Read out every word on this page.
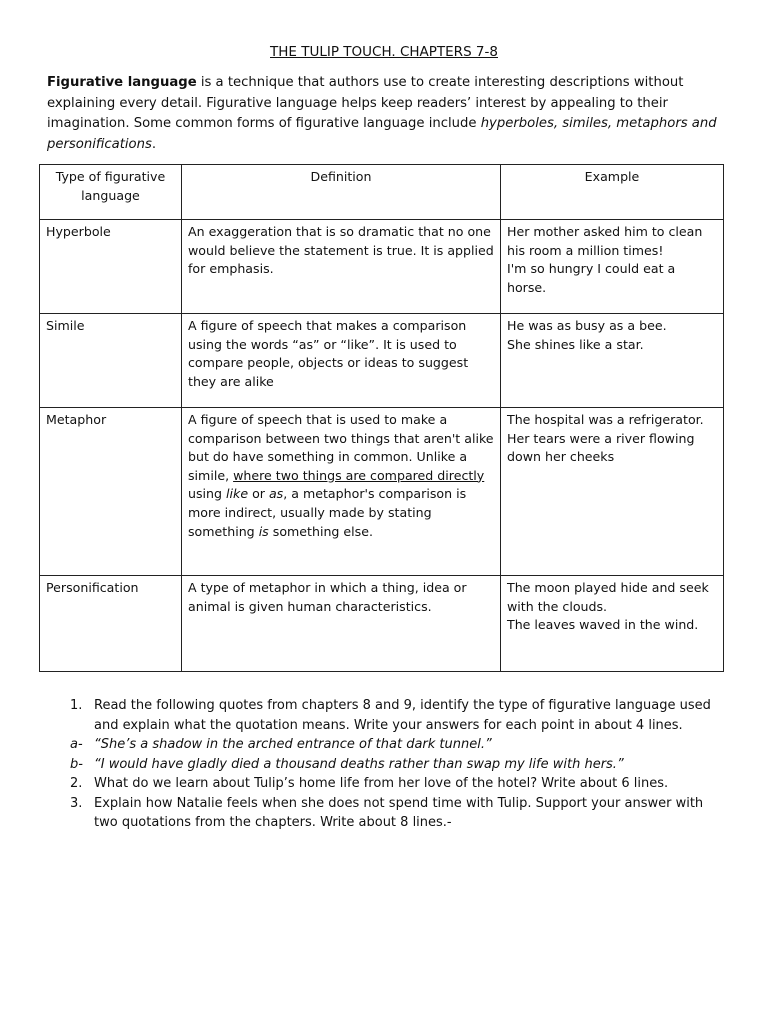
THE TULIP TOUCH. CHAPTERS 7-8
Figurative language is a technique that authors use to create interesting descriptions without explaining every detail. Figurative language helps keep readers’ interest by appealing to their imagination. Some common forms of figurative language include hyperboles, similes, metaphors and personifications.
Type of figurative language	Definition	Example
Hyperbole	An exaggeration that is so dramatic that no one would believe the statement is true. It is applied for emphasis.	Her mother asked him to clean his room a million times!
I'm so hungry I could eat a horse.

Simile	A figure of speech that makes a comparison using the words “as” or “like”. It is used to compare people, objects or ideas to suggest they are alike	He was as busy as a bee.
She shines like a star.

Metaphor	A figure of speech that is used to make a comparison between two things that aren't alike but do have something in common. Unlike a simile, where two things are compared directly using like or as, a metaphor's comparison is more indirect, usually made by stating something is something else.	The hospital was a refrigerator.
Her tears were a river flowing down her cheeks

Personification	A type of metaphor in which a thing, idea or animal is given human characteristics.	The moon played hide and seek with the clouds.
The leaves waved in the wind.
1. Read the following quotes from chapters 8 and 9, identify the type of figurative language used and explain what the quotation means. Write your answers for each point in about 4 lines.
a- “She’s a shadow in the arched entrance of that dark tunnel.”
b- “I would have gladly died a thousand deaths rather than swap my life with hers.”
2. What do we learn about Tulip’s home life from her love of the hotel? Write about 6 lines.
3. Explain how Natalie feels when she does not spend time with Tulip. Support your answer with two quotations from the chapters. Write about 8 lines.-
